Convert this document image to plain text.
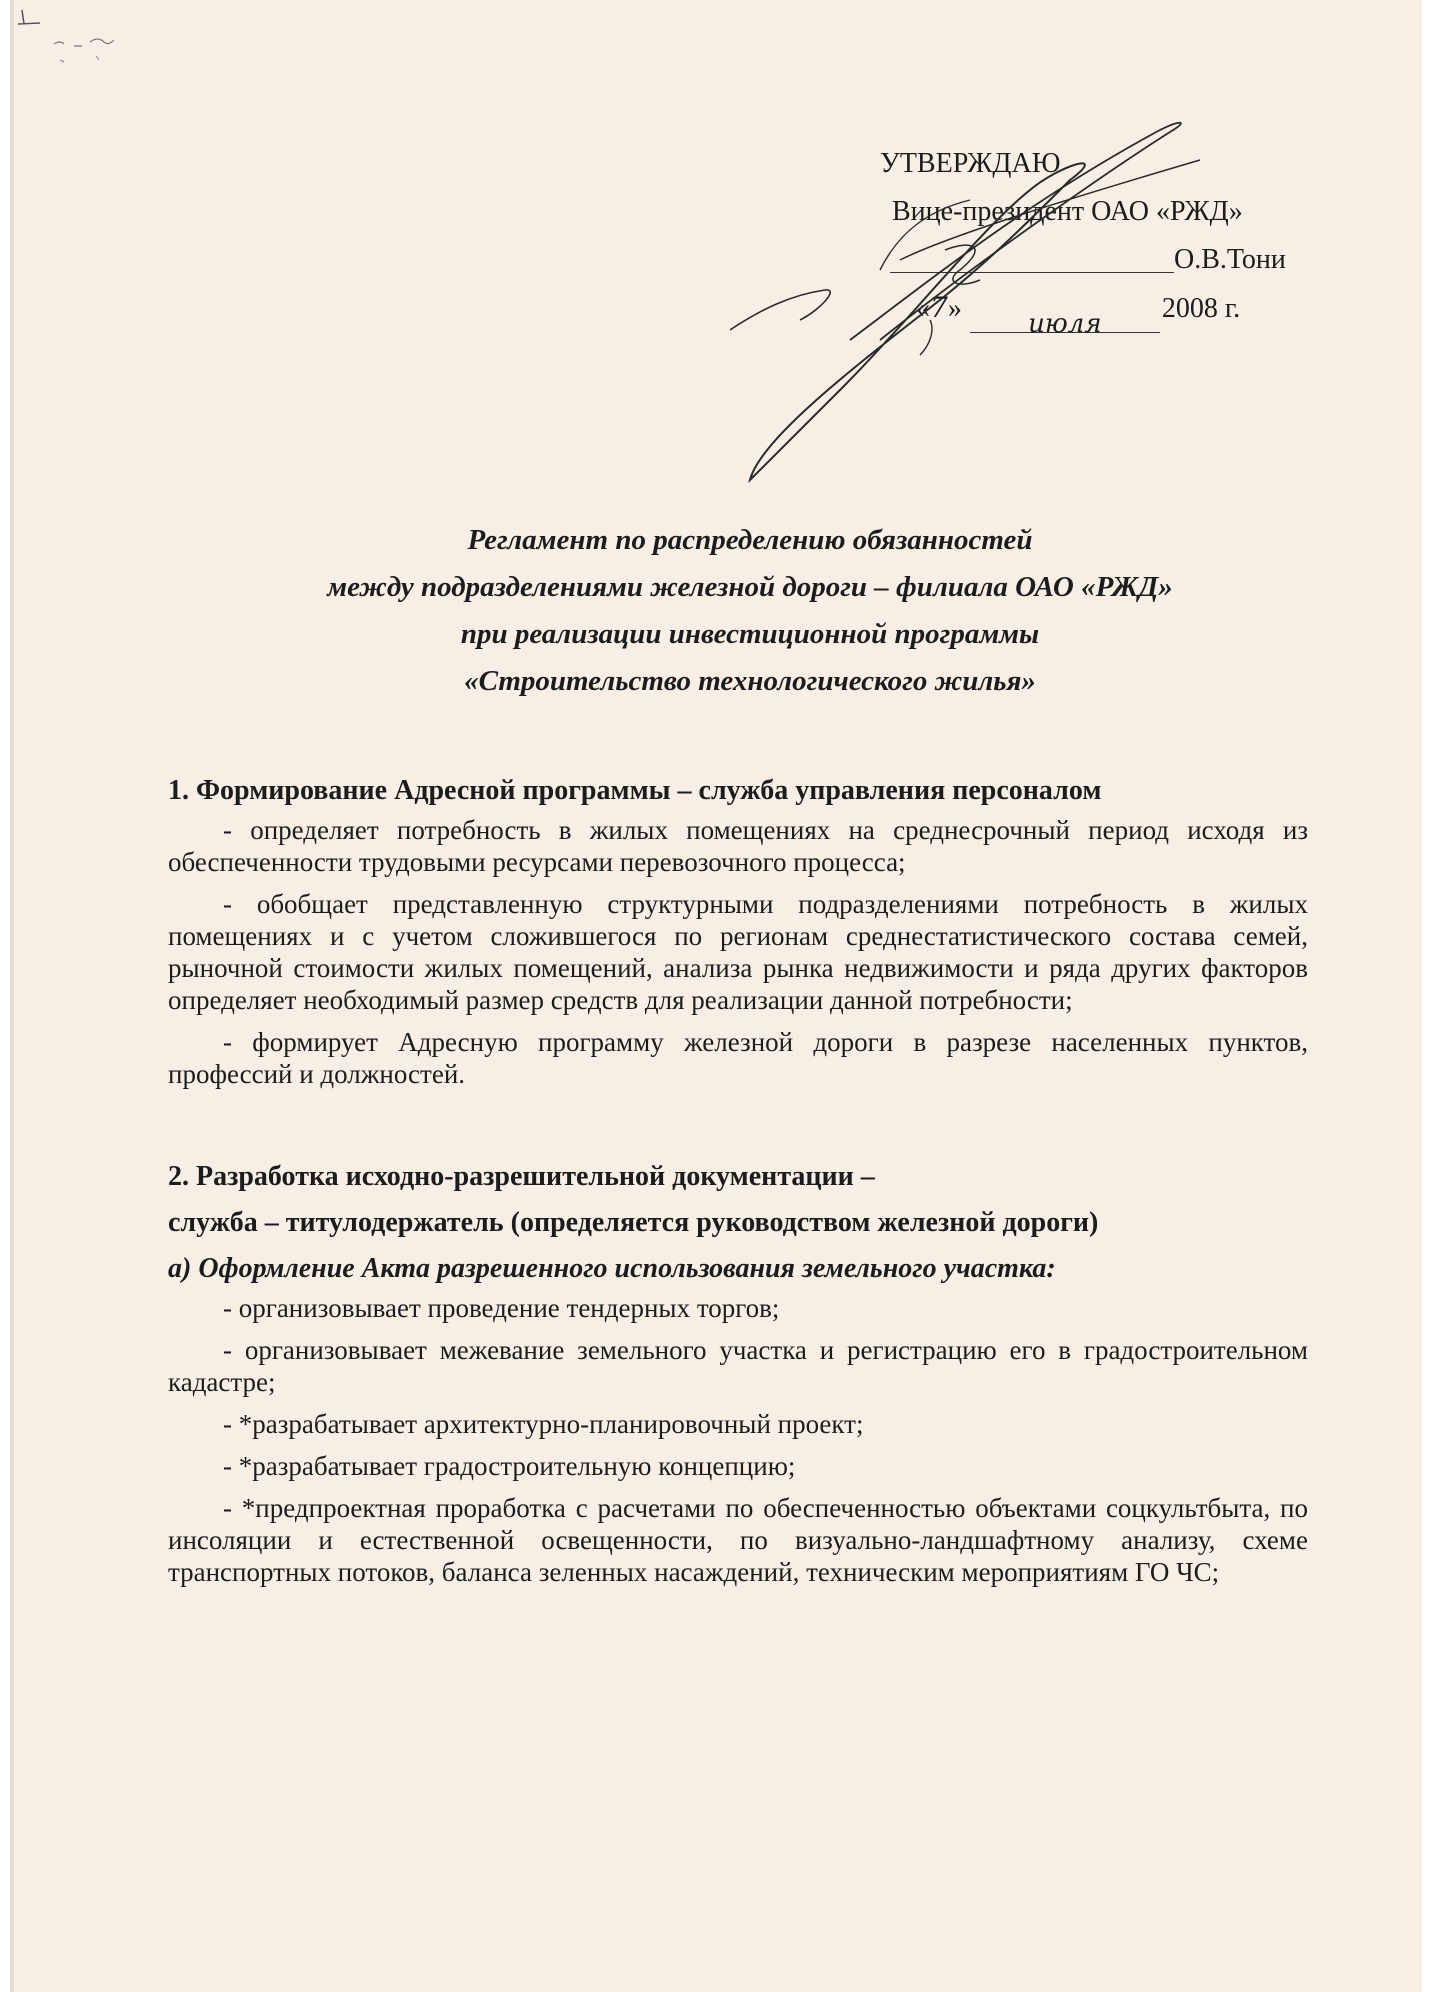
УТВЕРЖДАЮ
Вице-президент ОАО «РЖД»
О.В.Тони
«7»	июля 2008 г.
Регламент по распределению обязанностей
между подразделениями железной дороги – филиала ОАО «РЖД»
при реализации инвестиционной программы
«Строительство технологического жилья»
1. Формирование Адресной программы – служба управления персоналом

- определяет потребность в жилых помещениях на среднесрочный период исходя из обеспеченности трудовыми ресурсами перевозочного процесса;

- обобщает представленную структурными подразделениями потребность в жилых помещениях и с учетом сложившегося по регионам среднестатистического состава семей, рыночной стоимости жилых помещений, анализа рынка недвижимости и ряда других факторов определяет необходимый размер средств для реализации данной потребности;

- формирует Адресную программу железной дороги в разрезе населенных пунктов, профессий и должностей.

2. Разработка исходно-разрешительной документации –
служба – титулодержатель (определяется руководством железной дороги)
а) Оформление Акта разрешенного использования земельного участка:

- организовывает проведение тендерных торгов;

- организовывает межевание земельного участка и регистрацию его в градостроительном кадастре;

- *разрабатывает архитектурно-планировочный проект;

- *разрабатывает градостроительную концепцию;

- *предпроектная проработка с расчетами по обеспеченностью объектами соцкультбыта, по инсоляции и естественной освещенности, по визуально-ландшафтному анализу, схеме транспортных потоков, баланса зеленных насаждений, техническим мероприятиям ГО ЧС;
